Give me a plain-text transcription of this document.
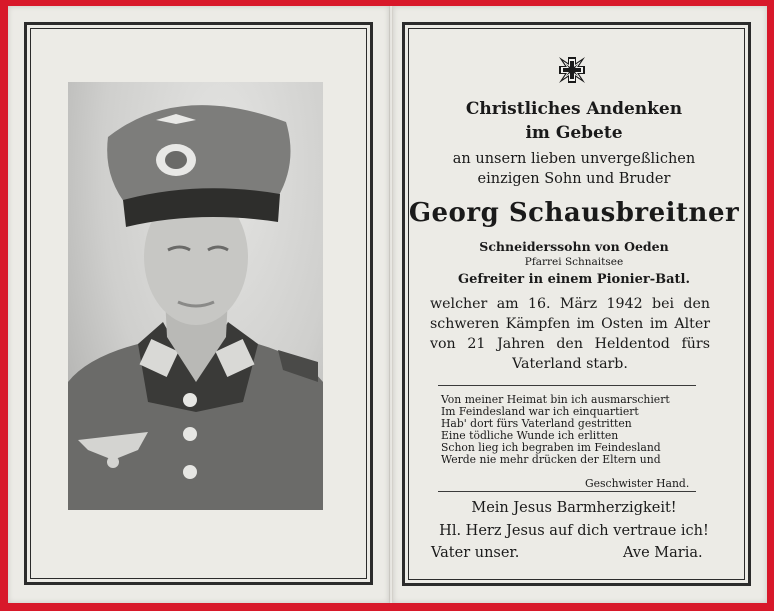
Christliches Andenken
im Gebete
an unsern lieben unvergeßlichen
einzigen Sohn und Bruder
Georg Schausbreitner
Schneiderssohn von Oeden
Pfarrei Schnaitsee
Gefreiter in einem Pionier-Batl.
welcher am 16. März 1942 bei den
schweren Kämpfen im Osten im Alter
von 21 Jahren den Heldentod fürs
Vaterland starb.
Von meiner Heimat bin ich ausmarschiert
Im Feindesland war ich einquartiert
Hab' dort fürs Vaterland gestritten
Eine tödliche Wunde ich erlitten
Schon lieg ich begraben im Feindesland
Werde nie mehr drücken der Eltern und
Geschwister Hand.
Mein Jesus Barmherzigkeit!
Hl. Herz Jesus auf dich vertraue ich!
Vater unser.	Ave Maria.
